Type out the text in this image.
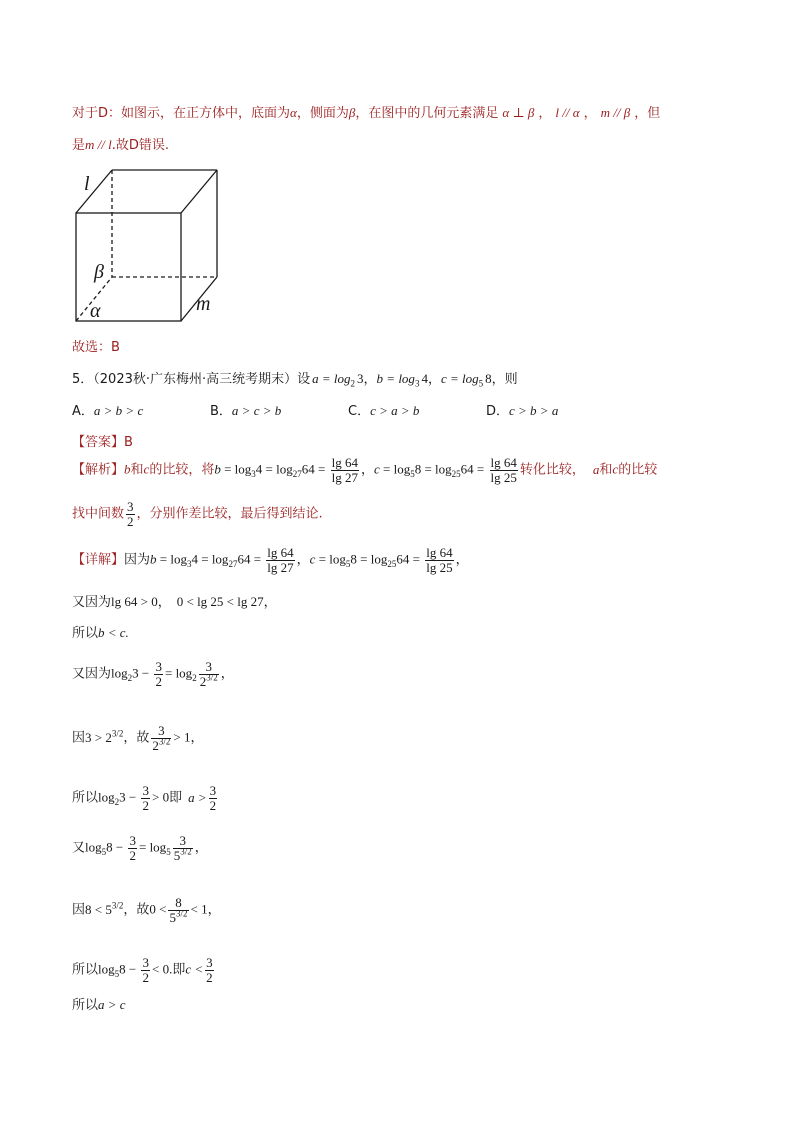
对于D：如图示，在正方体中，底面为α，侧面为β，在图中的几何元素满足 α ⊥ β ， l // α ， m // β ，但
是m // l.故D错误.
l
β
α	m
故选：B
5．（2023秋·广东梅州·高三统考期末）设 $a = \log_2 3$，$b = \log_3 4$，$c = \log_5 8$，则
A．a > b > c	B．a > c > b	C．c > a > b	D．c > b > a
【答案】B
【解析】b和c的比较，将$b = \log_34 = \log_{27}64 = \frac{\lg 64}{\lg 27}$ ，$c = \log_58 = \log_{25}64 = \frac{\lg 64}{\lg 25}$ 转化比较， a和c的比较
找中间数 $\frac{3}{2}$ ，分别作差比较，最后得到结论.
【详解】因为$b = \log_34 = \log_{27}64 = \frac{\lg 64}{\lg 27}$ ，$c = \log_58 = \log_{25}64 = \frac{\lg 64}{\lg 25}$ ，
又因为lg 64 > 0， 0 < lg 25 < lg 27，
所以b < c.
又因为$\log_23 - \frac{3}{2} = \log_2 \frac{3}{2^{3/2}}$ ，
因$3 > 2^{3/2}$，故 $\frac{3}{2^{3/2}} > 1$，
所以$\log_23 - \frac{3}{2} > 0$即 $a > \frac{3}{2}$
又$\log_58 - \frac{3}{2} = \log_5 \frac{3}{5^{3/2}}$ ，
因$8 < 5^{3/2}$，故$0 < \frac{8}{5^{3/2}} < 1$，
所以$\log_58 - \frac{3}{2} < 0$.即$c < \frac{3}{2}$
所以a > c
